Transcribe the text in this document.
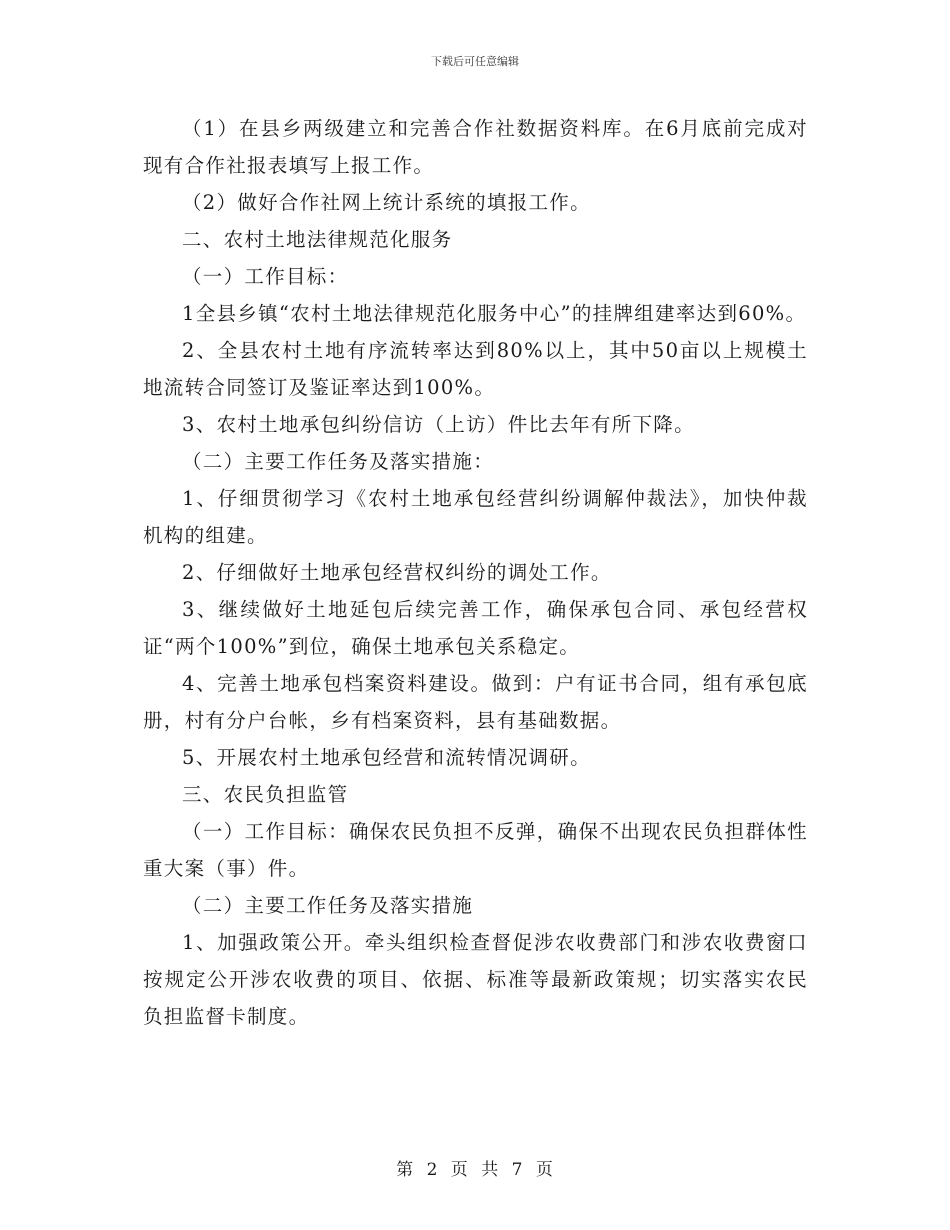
下载后可任意编辑

（1）在县乡两级建立和完善合作社数据资料库。在6月底前完成对现有合作社报表填写上报工作。

（2）做好合作社网上统计系统的填报工作。

二、农村土地法律规范化服务

（一）工作目标：

1全县乡镇“农村土地法律规范化服务中心”的挂牌组建率达到60%。

2、全县农村土地有序流转率达到80%以上，其中50亩以上规模土地流转合同签订及鉴证率达到100%。

3、农村土地承包纠纷信访（上访）件比去年有所下降。

（二）主要工作任务及落实措施：

1、仔细贯彻学习《农村土地承包经营纠纷调解仲裁法》，加快仲裁机构的组建。

2、仔细做好土地承包经营权纠纷的调处工作。

3、继续做好土地延包后续完善工作，确保承包合同、承包经营权证“两个100%”到位，确保土地承包关系稳定。

4、完善土地承包档案资料建设。做到：户有证书合同，组有承包底册，村有分户台帐，乡有档案资料，县有基础数据。

5、开展农村土地承包经营和流转情况调研。

三、农民负担监管

（一）工作目标：确保农民负担不反弹，确保不出现农民负担群体性重大案（事）件。

（二）主要工作任务及落实措施

1、加强政策公开。牵头组织检查督促涉农收费部门和涉农收费窗口按规定公开涉农收费的项目、依据、标准等最新政策规；切实落实农民负担监督卡制度。

第 2 页 共 7 页
